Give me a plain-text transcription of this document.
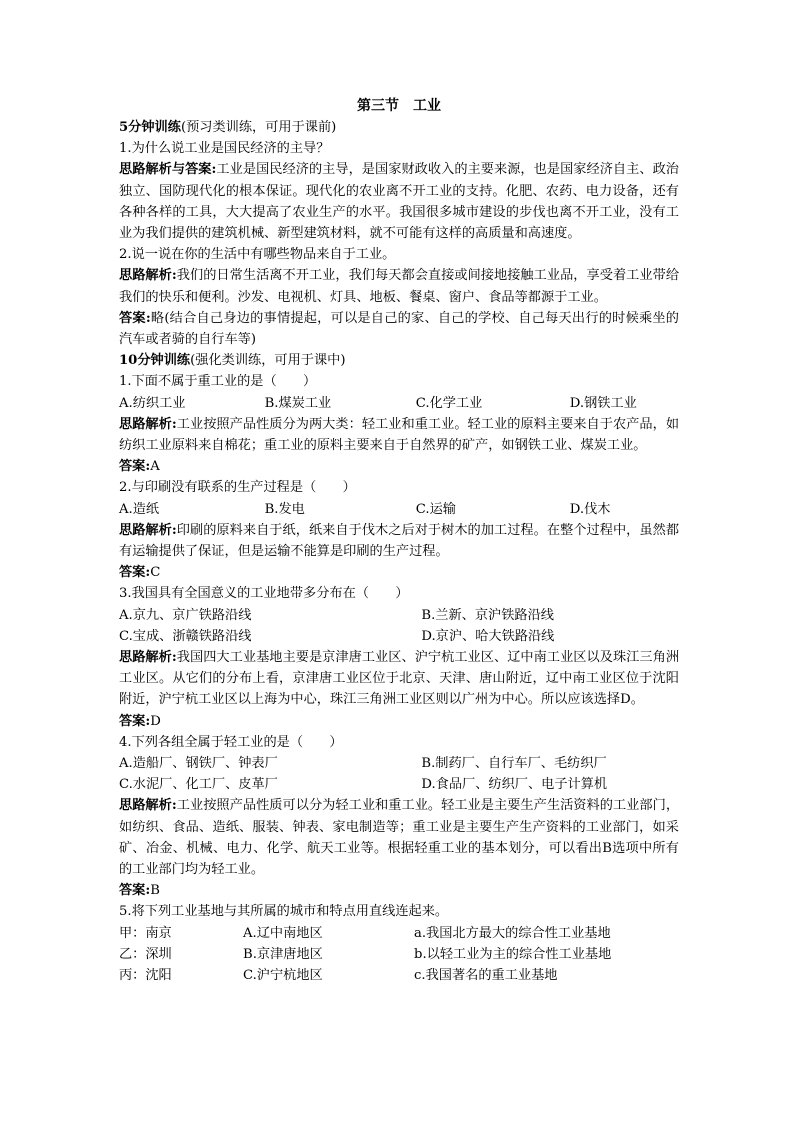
第三节 工业
5分钟训练(预习类训练，可用于课前)
1.为什么说工业是国民经济的主导？
思路解析与答案:工业是国民经济的主导，是国家财政收入的主要来源，也是国家经济自主、政治独立、国防现代化的根本保证。现代化的农业离不开工业的支持。化肥、农药、电力设备，还有各种各样的工具，大大提高了农业生产的水平。我国很多城市建设的步伐也离不开工业，没有工业为我们提供的建筑机械、新型建筑材料，就不可能有这样的高质量和高速度。
2.说一说在你的生活中有哪些物品来自于工业。
思路解析:我们的日常生活离不开工业，我们每天都会直接或间接地接触工业品，享受着工业带给我们的快乐和便利。沙发、电视机、灯具、地板、餐桌、窗户、食品等都源于工业。
答案:略(结合自己身边的事情提起，可以是自己的家、自己的学校、自己每天出行的时候乘坐的汽车或者骑的自行车等)
10分钟训练(强化类训练，可用于课中)
1.下面不属于重工业的是（　　）
A.纺织工业	B.煤炭工业	C.化学工业	D.钢铁工业
思路解析:工业按照产品性质分为两大类：轻工业和重工业。轻工业的原料主要来自于农产品，如纺织工业原料来自棉花；重工业的原料主要来自于自然界的矿产，如钢铁工业、煤炭工业。
答案:A
2.与印刷没有联系的生产过程是（　　）
A.造纸	B.发电	C.运输	D.伐木
思路解析:印刷的原料来自于纸，纸来自于伐木之后对于树木的加工过程。在整个过程中，虽然都有运输提供了保证，但是运输不能算是印刷的生产过程。
答案:C
3.我国具有全国意义的工业地带多分布在（　　）
A.京九、京广铁路沿线	B.兰新、京沪铁路沿线
C.宝成、浙赣铁路沿线	D.京沪、哈大铁路沿线
思路解析:我国四大工业基地主要是京津唐工业区、沪宁杭工业区、辽中南工业区以及珠江三角洲工业区。从它们的分布上看，京津唐工业区位于北京、天津、唐山附近，辽中南工业区位于沈阳附近，沪宁杭工业区以上海为中心，珠江三角洲工业区则以广州为中心。所以应该选择D。
答案:D
4.下列各组全属于轻工业的是（　　）
A.造船厂、钢铁厂、钟表厂	B.制药厂、自行车厂、毛纺织厂
C.水泥厂、化工厂、皮革厂	D.食品厂、纺织厂、电子计算机
思路解析:工业按照产品性质可以分为轻工业和重工业。轻工业是主要生产生活资料的工业部门，如纺织、食品、造纸、服装、钟表、家电制造等；重工业是主要生产生产资料的工业部门，如采矿、冶金、机械、电力、化学、航天工业等。根据轻重工业的基本划分，可以看出B选项中所有的工业部门均为轻工业。
答案:B
5.将下列工业基地与其所属的城市和特点用直线连起来。
甲：南京	A.辽中南地区	a.我国北方最大的综合性工业基地
乙：深圳	B.京津唐地区	b.以轻工业为主的综合性工业基地
丙：沈阳	C.沪宁杭地区	c.我国著名的重工业基地
